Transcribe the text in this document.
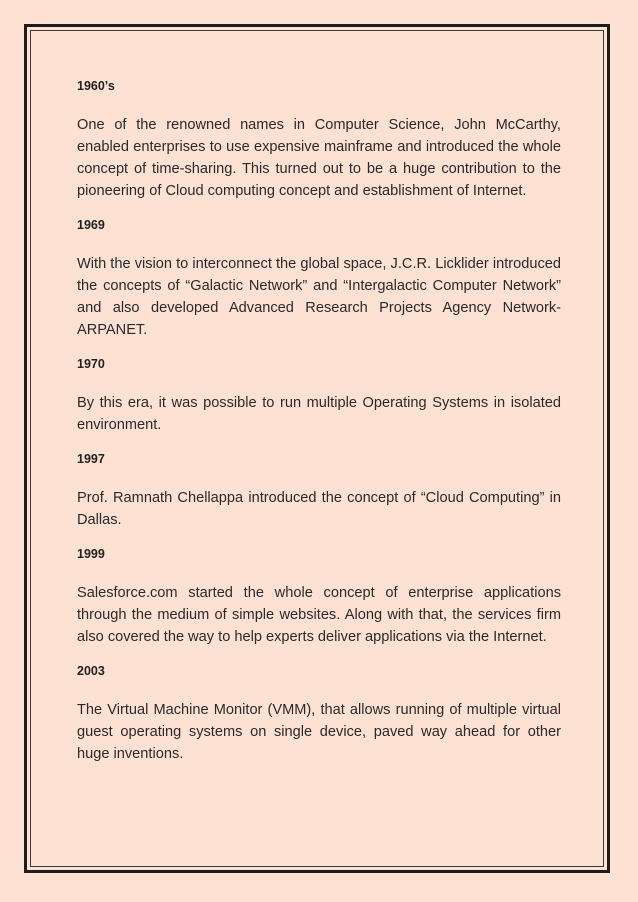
1960’s

One of the renowned names in Computer Science, John McCarthy, enabled enterprises to use expensive mainframe and introduced the whole concept of time-sharing. This turned out to be a huge contribution to the pioneering of Cloud computing concept and establishment of Internet.

1969

With the vision to interconnect the global space, J.C.R. Licklider introduced the concepts of “Galactic Network” and “Intergalactic Computer Network” and also developed Advanced Research Projects Agency Network-ARPANET.

1970

By this era, it was possible to run multiple Operating Systems in isolated environment.

1997

Prof. Ramnath Chellappa introduced the concept of “Cloud Computing” in Dallas.

1999

Salesforce.com started the whole concept of enterprise applications through the medium of simple websites. Along with that, the services firm also covered the way to help experts deliver applications via the Internet.

2003

The Virtual Machine Monitor (VMM), that allows running of multiple virtual guest operating systems on single device, paved way ahead for other huge inventions.
